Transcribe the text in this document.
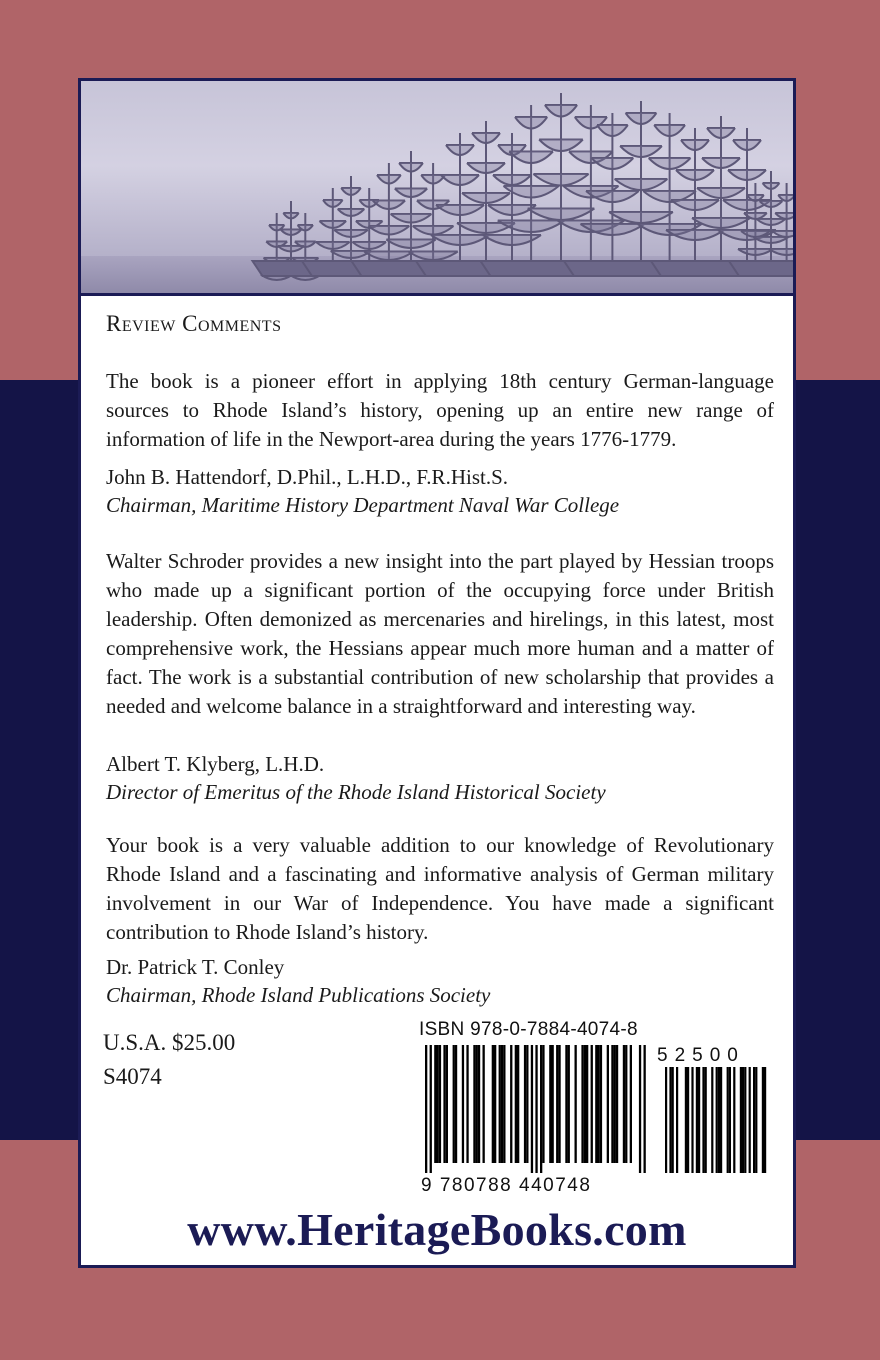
Review Comments

The book is a pioneer effort in applying 18th century German-language sources to Rhode Island’s history, opening up an entire new range of information of life in the Newport-area during the years 1776-1779.

John B. Hattendorf, D.Phil., L.H.D., F.R.Hist.S.
Chairman, Maritime History Department Naval War College

Walter Schroder provides a new insight into the part played by Hessian troops who made up a significant portion of the occupying force under British leadership. Often demonized as mercenaries and hirelings, in this latest, most comprehensive work, the Hessians appear much more human and a matter of fact. The work is a substantial contribution of new scholarship that provides a needed and welcome balance in a straightforward and interesting way.

Albert T. Klyberg, L.H.D.
Director of Emeritus of the Rhode Island Historical Society

Your book is a very valuable addition to our knowledge of Revolutionary Rhode Island and a fascinating and informative analysis of German military involvement in our War of Independence. You have made a significant contribution to Rhode Island’s history.

Dr. Patrick T. Conley
Chairman, Rhode Island Publications Society
U.S.A. $25.00
S4074
ISBN 978-0-7884-4074-8
52500
9 780788 440748
www.HeritageBooks.com
